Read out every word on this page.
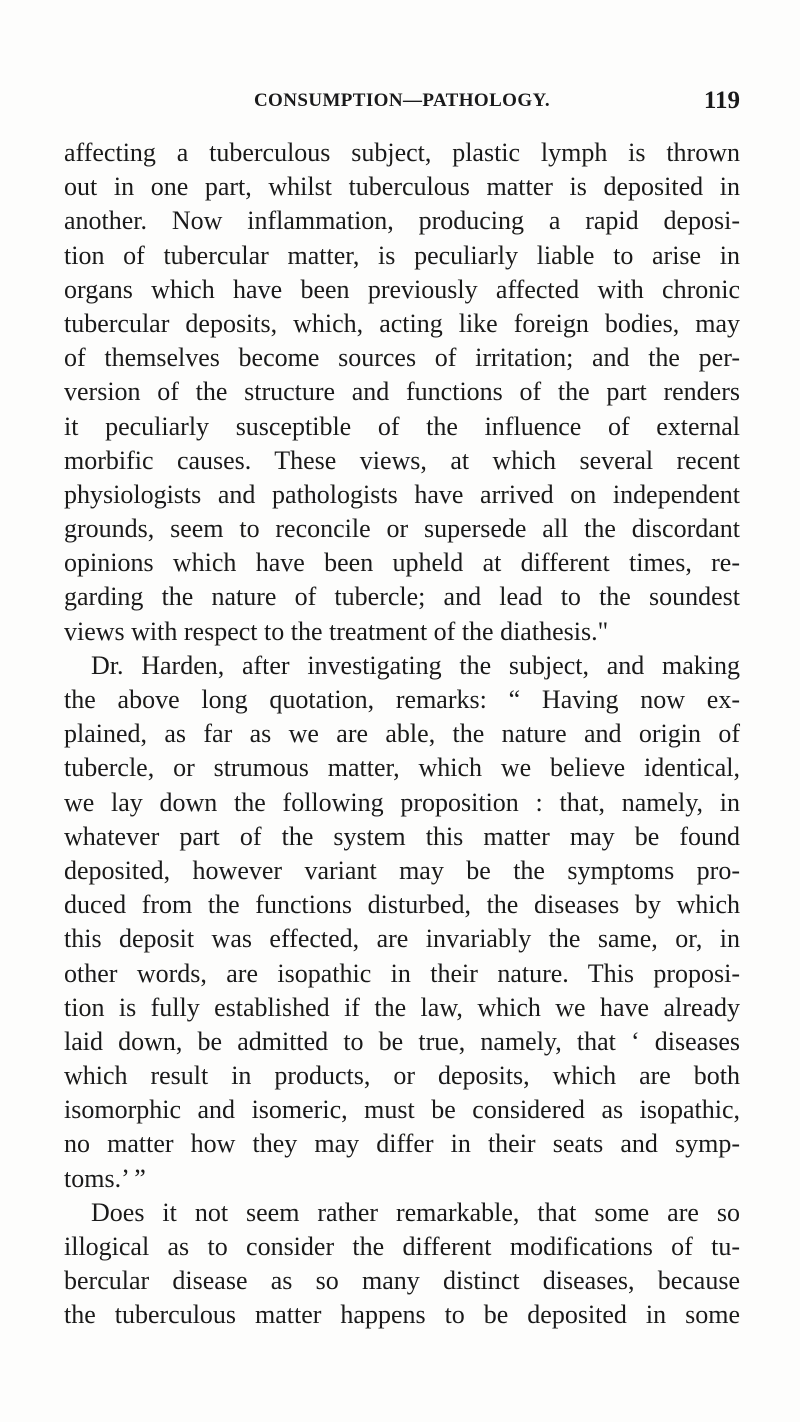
CONSUMPTION—PATHOLOGY.	119
affecting a tuberculous subject, plastic lymph is thrown
out in one part, whilst tuberculous matter is deposited in
another. Now inflammation, producing a rapid deposi-
tion of tubercular matter, is peculiarly liable to arise in
organs which have been previously affected with chronic
tubercular deposits, which, acting like foreign bodies, may
of themselves become sources of irritation; and the per-
version of the structure and functions of the part renders
it peculiarly susceptible of the influence of external
morbific causes. These views, at which several recent
physiologists and pathologists have arrived on independent
grounds, seem to reconcile or supersede all the discordant
opinions which have been upheld at different times, re-
garding the nature of tubercle; and lead to the soundest
views with respect to the treatment of the diathesis."
Dr. Harden, after investigating the subject, and making
the above long quotation, remarks: “ Having now ex-
plained, as far as we are able, the nature and origin of
tubercle, or strumous matter, which we believe identical,
we lay down the following proposition : that, namely, in
whatever part of the system this matter may be found
deposited, however variant may be the symptoms pro-
duced from the functions disturbed, the diseases by which
this deposit was effected, are invariably the same, or, in
other words, are isopathic in their nature. This proposi-
tion is fully established if the law, which we have already
laid down, be admitted to be true, namely, that ‘ diseases
which result in products, or deposits, which are both
isomorphic and isomeric, must be considered as isopathic,
no matter how they may differ in their seats and symp-
toms.’ ”
Does it not seem rather remarkable, that some are so
illogical as to consider the different modifications of tu-
bercular disease as so many distinct diseases, because
the tuberculous matter happens to be deposited in some
